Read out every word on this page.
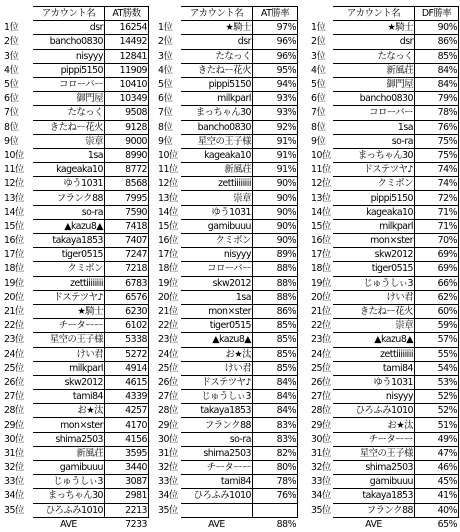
	アカウント名	AT勝数
1位	dsr	16254
2位	bancho0830	14492
3位	nisyyy	12841
4位	pippi5150	11909
5位	コローバー	10410
6位	御門屋	10349
7位	たなっく	9508
8位	きたねー花火	9128
9位	崇章	9000
10位	1sa	8990
11位	kageaka10	8772
12位	ゆう1031	8568
13位	フランク88	7995
14位	so-ra	7590
15位	▲kazu8▲	7418
16位	takaya1853	7407
17位	tiger0515	7247
18位	クミポン	7218
19位	zettiiiiiiii	6783
20位	ドステツヤ♪	6576
21位	★騎士	6230
22位	チーターー	6102
23位	星空の王子様	5338
24位	けい君	5272
25位	milkparl	4914
26位	skw2012	4615
27位	tami84	4339
28位	お★汰	4257
29位	mon×ster	4170
30位	shima2503	4156
31位	新風荘	3595
32位	gamibuuu	3440
33位	じゅうしぃ3	3087
34位	まっちゃん30	2981
35位	ひろふみ1010	2213
	AVE	7233
	アカウント名	AT勝率
1位	★騎士	97%
2位	dsr	96%
3位	たなっく	96%
4位	きたねー花火	95%
5位	pippi5150	94%
6位	milkparl	93%
7位	まっちゃん30	93%
8位	bancho0830	92%
9位	星空の王子様	91%
10位	kageaka10	91%
11位	新風荘	91%
12位	zettiiiiiiii	90%
13位	崇章	90%
14位	ゆう1031	90%
15位	gamibuuu	90%
16位	クミポン	90%
17位	nisyyy	89%
18位	コローバー	88%
19位	skw2012	88%
20位	1sa	88%
21位	mon×ster	86%
22位	tiger0515	85%
23位	▲kazu8▲	85%
24位	お★汰	85%
25位	けい君	85%
26位	ドステツヤ♪	84%
27位	じゅうしぃ3	84%
28位	takaya1853	84%
29位	フランク88	83%
30位	so-ra	83%
31位	shima2503	82%
32位	チーターー	80%
33位	tami84	78%
34位	ひろふみ1010	76%
35位		
	AVE	88%
	アカウント名	DF勝率
1位	★騎士	90%
2位	dsr	86%
3位	たなっく	85%
4位	新風荘	84%
5位	御門屋	84%
6位	bancho0830	79%
7位	コローバー	78%
8位	1sa	76%
9位	so-ra	75%
10位	まっちゃん30	75%
11位	ドステツヤ♪	74%
12位	クミポン	74%
13位	pippi5150	72%
14位	kageaka10	71%
15位	milkparl	71%
16位	mon×ster	70%
17位	skw2012	69%
18位	tiger0515	69%
19位	じゅうしぃ3	66%
20位	けい君	62%
21位	きたねー花火	60%
22位	崇章	59%
23位	▲kazu8▲	57%
24位	zettiiiiiiii	55%
25位	tami84	54%
26位	ゆう1031	53%
27位	nisyyy	52%
28位	ひろふみ1010	52%
29位	お★汰	51%
30位	チーターー	49%
31位	星空の王子様	47%
32位	shima2503	46%
33位	gamibuuu	45%
34位	takaya1853	41%
35位	フランク88	40%
	AVE	65%
